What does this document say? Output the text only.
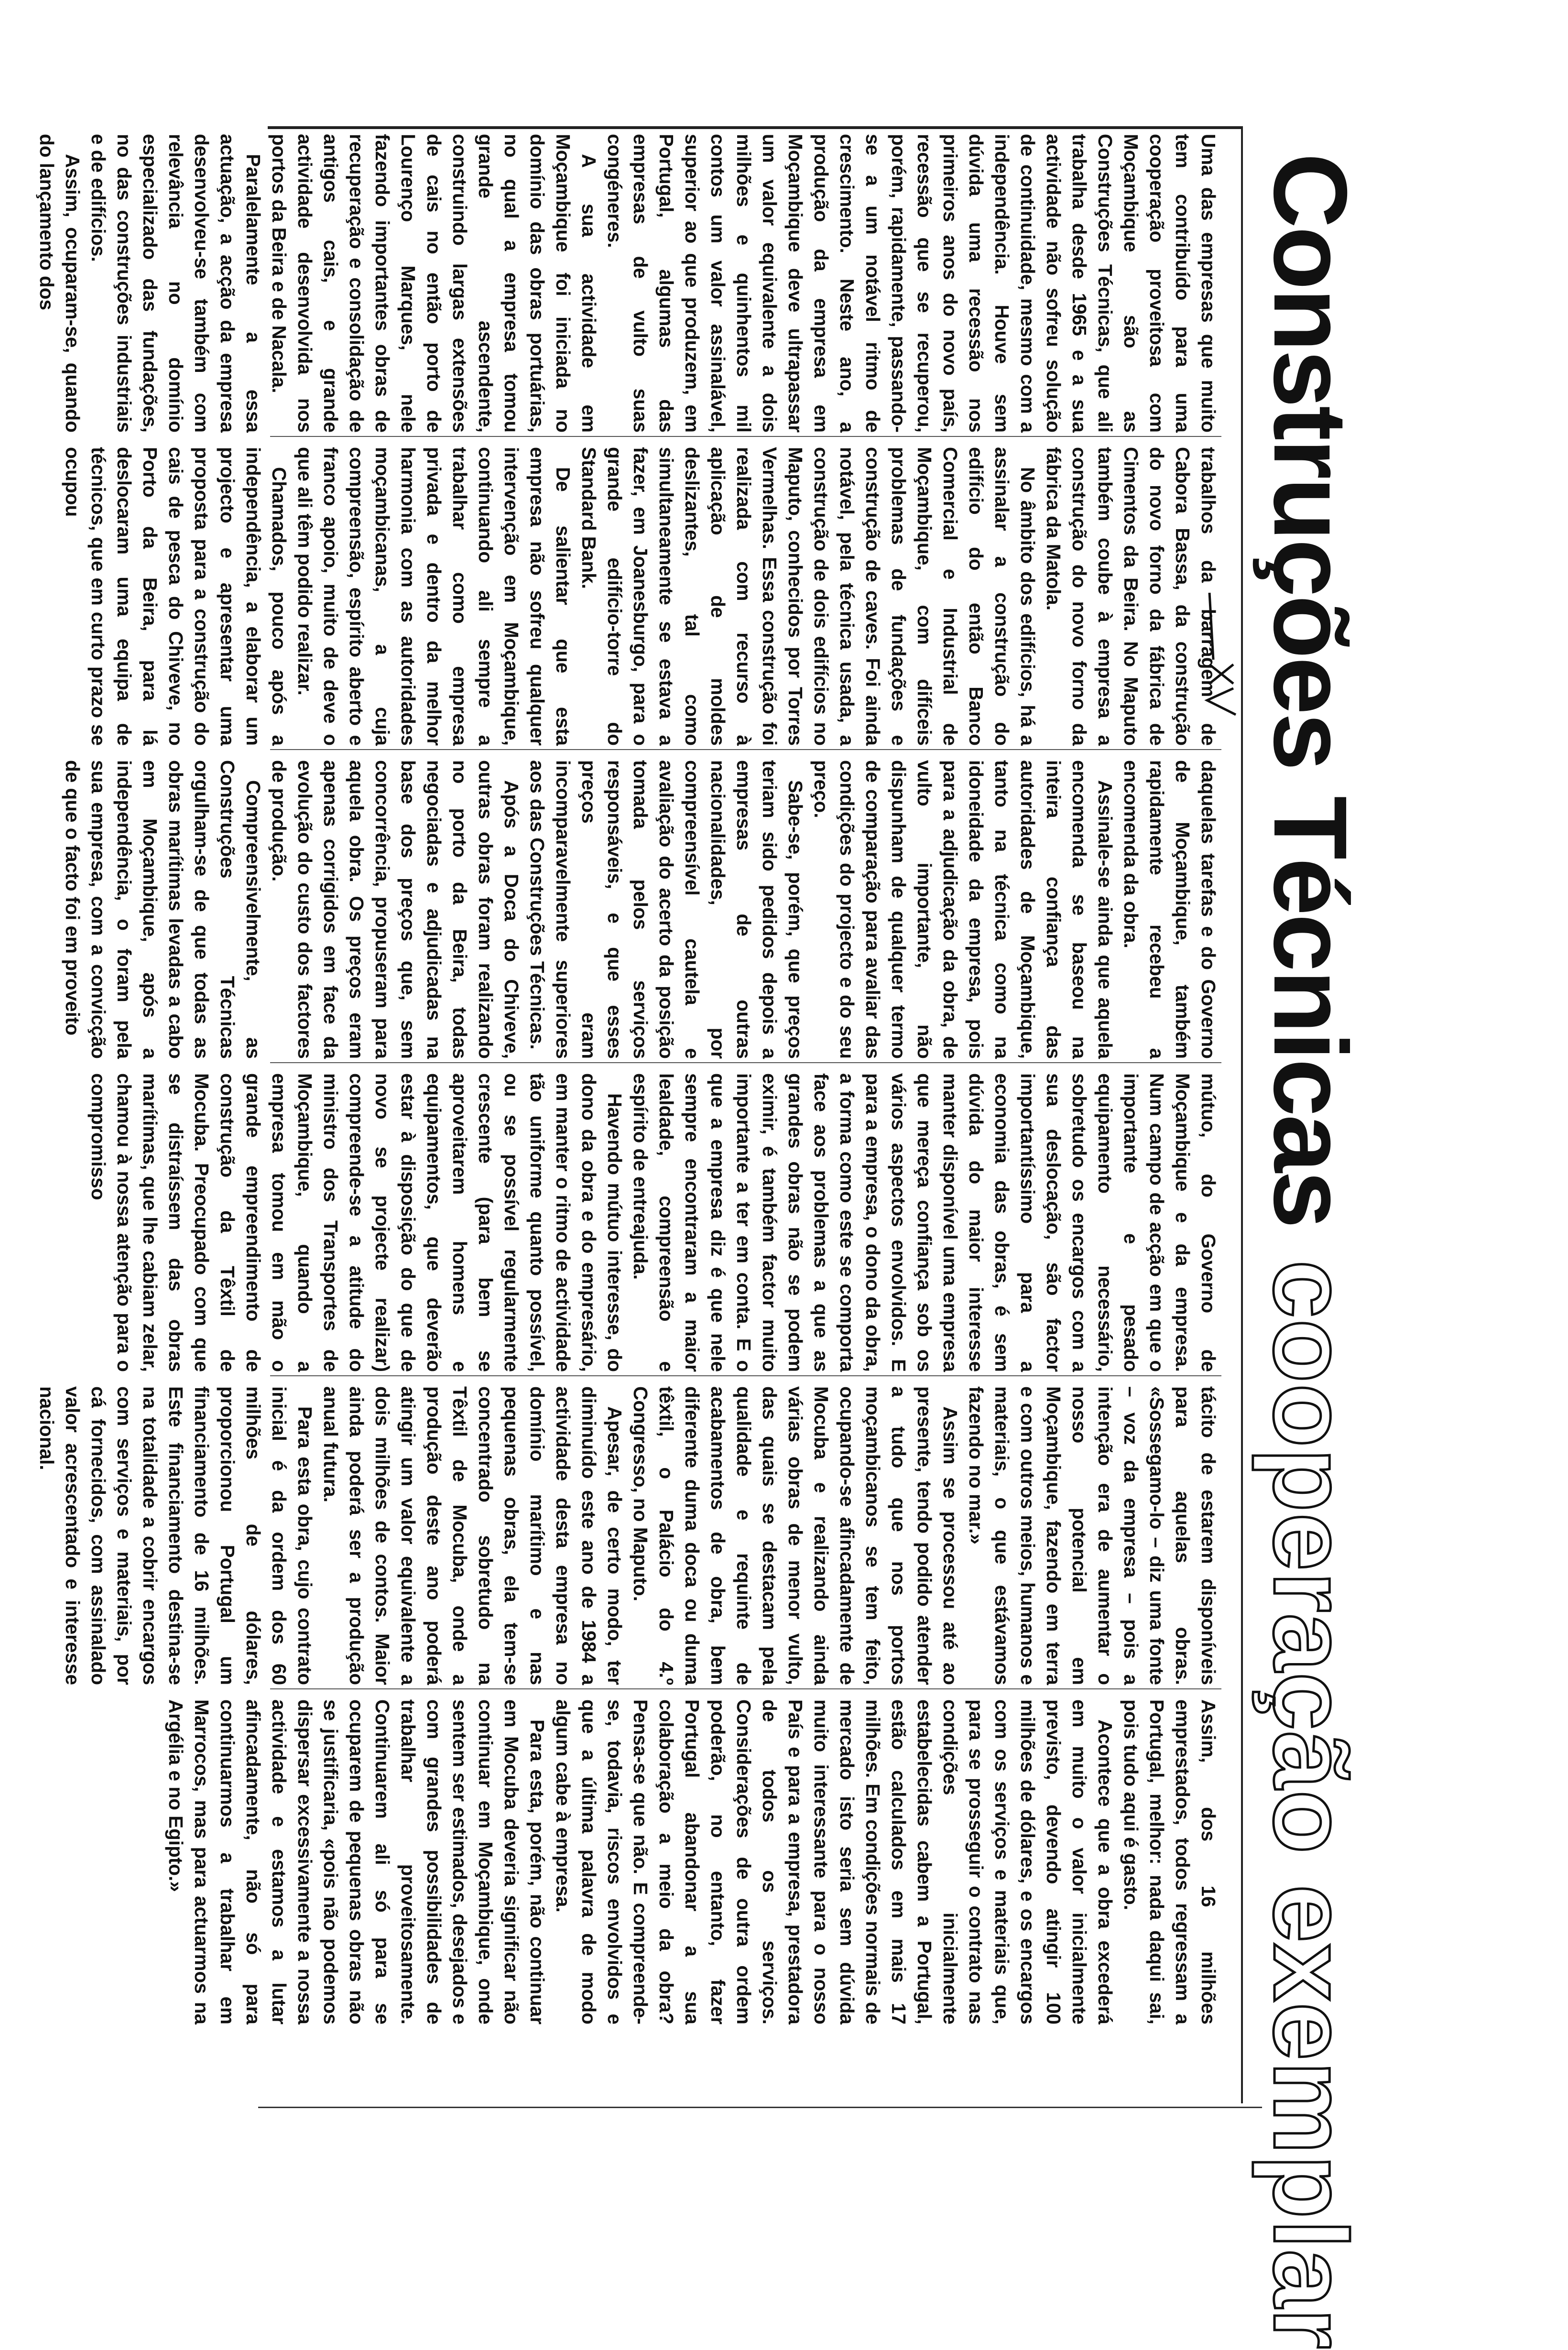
Construções Técnicascooperação exemplar

Uma das empresas que muito tem contribuído para uma cooperação proveitosa com Moçambique são as Construções Técnicas, que ali trabalha desde 1965 e a sua actividade não sofreu solução de continuidade, mesmo com a independência. Houve sem dúvida uma recessão nos primeiros anos do novo país, recessão que se recuperou, porém, rapidamente, passando-se a um notável ritmo de crescimento. Neste ano, a produção da empresa em Moçambique deve ultrapassar um valor equivalente a dois milhões e quinhentos mil contos um valor assinalável, superior ao que produzem, em Portugal, algumas das empresas de vulto suas congéneres.

A sua actividade em Moçambique foi iniciada no domínio das obras portuárias, no qual a empresa tomou grande ascendente, construindo largas extensões de cais no então porto de Lourenço Marques, nele fazendo importantes obras de recuperação e consolidação de antigos cais, e grande actividade desenvolvida nos portos da Beira e de Nacala.

Paralelamente a essa actuação, a acção da empresa desenvolveu-se também com relevância no domínio especializado das fundações, no das construções industriais e de edifícios.

Assim, ocuparam-se, quando do lançamento dos

trabalhos da barragem de Cabora Bassa, da construção do novo forno da fábrica de Cimentos da Beira. No Maputo também coube à empresa a construção do novo forno da fábrica da Matola.

No âmbito dos edifícios, há a assinalar a construção do edifício do então Banco Comercial e Industrial de Moçambique, com difíceis problemas de fundações e construção de caves. Foi ainda notável, pela técnica usada, a construção de dois edifícios no Maputo, conhecidos por Torres Vermelhas. Essa construção foi realizada com recurso à aplicação de moldes deslizantes, tal como simultaneamente se estava a fazer, em Joanesburgo, para o grande edifício-torre do Standard Bank.

De salientar que esta empresa não sofreu qualquer intervenção em Moçambique, continuando ali sempre a trabalhar como empresa privada e dentro da melhor harmonia com as autoridades moçambicanas, a cuja compreensão, espírito aberto e franco apoio, muito de deve o que ali têm podido realizar.

Chamados, pouco após a independência, a elaborar um projecto e apresentar uma proposta para a construção do cais de pesca do Chiveve, no Porto da Beira, para lá deslocaram uma equipa de técnicos, que em curto prazo se ocupou

daquelas tarefas e do Governo de Moçambique, também rapidamente recebeu a encomenda da obra.

Assinale-se ainda que aquela encomenda se baseou na inteira confiança das autoridades de Moçambique, tanto na técnica como na idoneidade da empresa, pois para a adjudicação da obra, de vulto importante, não dispunham de qualquer termo de comparação para avaliar das condições do projecto e do seu preço.

Sabe-se, porém, que preços teriam sido pedidos depois a empresas de outras nacionalidades, por compreensível cautela e avaliação do acerto da posição tomada pelos serviços responsáveis, e que esses preços eram incomparavelmente superiores aos das Construções Técnicas.

Após a Doca do Chiveve, outras obras foram realizando no porto da Beira, todas negociadas e adjudicadas na base dos preços que, sem concorrência, propuseram para aquela obra. Os preços eram apenas corrigidos em face da evolução do custo dos factores de produção.

Compreensivelmente, as Construções Técnicas orgulham-se de que todas as obras marítimas levadas a cabo em Moçambique, após a independência, o foram pela sua empresa, com a convicção de que o facto foi em proveito

mútuo, do Governo de Moçambique e da empresa. Num campo de acção em que o importante e pesado equipamento necessário, sobretudo os encargos com a sua deslocação, são factor importantíssimo para a economia das obras, é sem dúvida do maior interesse manter disponível uma empresa que mereça confiança sob os vários aspectos envolvidos. E para a empresa, o dono da obra, a forma como este se comporta face aos problemas a que as grandes obras não se podem eximir, é também factor muito importante a ter em conta. E o que a empresa diz é que nele sempre encontraram a maior lealdade, compreensão e espírito de entreajuda.

Havendo mútuo interesse, do dono da obra e do empresário, em manter o ritmo de actividade tão uniforme quanto possível, ou se possível regularmente crescente (para bem se aproveitarem homens e equipamentos, que deverão estar à disposição do que de novo se projecte realizar) compreende-se a atitude do ministro dos Transportes de Moçambique, quando a empresa tomou em mão o grande empreendimento de construção da Têxtil de Mocuba. Preocupado com que se distraíssem das obras marítimas, que lhe cabiam zelar, chamou à nossa atenção para o compromisso

tácito de estarem disponíveis para aquelas obras. «Sossegamo-lo – diz uma fonte – voz da empresa – pois a intenção era de aumentar o nosso potencial em Moçambique, fazendo em terra e com outros meios, humanos e materiais, o que estávamos fazendo no mar.»

Assim se processou até ao presente, tendo podido atender a tudo que nos portos moçambicanos se tem feito, ocupando-se afincadamente de Mocuba e realizando ainda várias obras de menor vulto, das quais se destacam pela qualidade e requinte de acabamentos de obra, bem diferente duma doca ou duma têxtil, o Palácio do 4.º Congresso, no Maputo.

Apesar, de certo modo, ter diminuído este ano de 1984 a actividade desta empresa no domínio marítimo e nas pequenas obras, ela tem-se concentrado sobretudo na Têxtil de Mocuba, onde a produção deste ano poderá atingir um valor equivalente a dois milhões de contos. Maior ainda poderá ser a produção anual futura.

Para esta obra, cujo contrato inicial é da ordem dos 60 milhões de dólares, proporcionou Portugal um financiamento de 16 milhões. Este financiamento destina-se na totalidade a cobrir encargos com serviços e materiais, por cá fornecidos, com assinalado valor acrescentado e interesse nacional.

Assim, dos 16 milhões emprestados, todos regressam a Portugal, melhor: nada daqui sai, pois tudo aqui é gasto.

Acontece que a obra excederá em muito o valor inicialmente previsto, devendo atingir 100 milhões de dólares, e os encargos com os serviços e materiais que, para se prosseguir o contrato nas condições inicialmente estabelecidas cabem a Portugal, estão calculados em mais 17 milhões. Em condições normais de mercado isto seria sem dúvida muito interessante para o nosso País e para a empresa, prestadora de todos os serviços. Considerações de outra ordem poderão, no entanto, fazer Portugal abandonar a sua colaboração a meio da obra? Pensa-se que não. E compreende-se, todavia, riscos envolvidos e que a última palavra de modo algum cabe à empresa.

Para esta, porém, não continuar em Mocuba deveria significar não continuar em Moçambique, onde sentem ser estimados, desejados e com grandes possibilidades de trabalhar proveitosamente. Continuarem ali só para se ocuparem de pequenas obras não se justificaria, «pois não podemos dispersar excessivamente a nossa actividade e estamos a lutar afincadamente, não só para continuarmos a trabalhar em Marrocos, mas para actuarmos na Argélia e no Egipto.»
